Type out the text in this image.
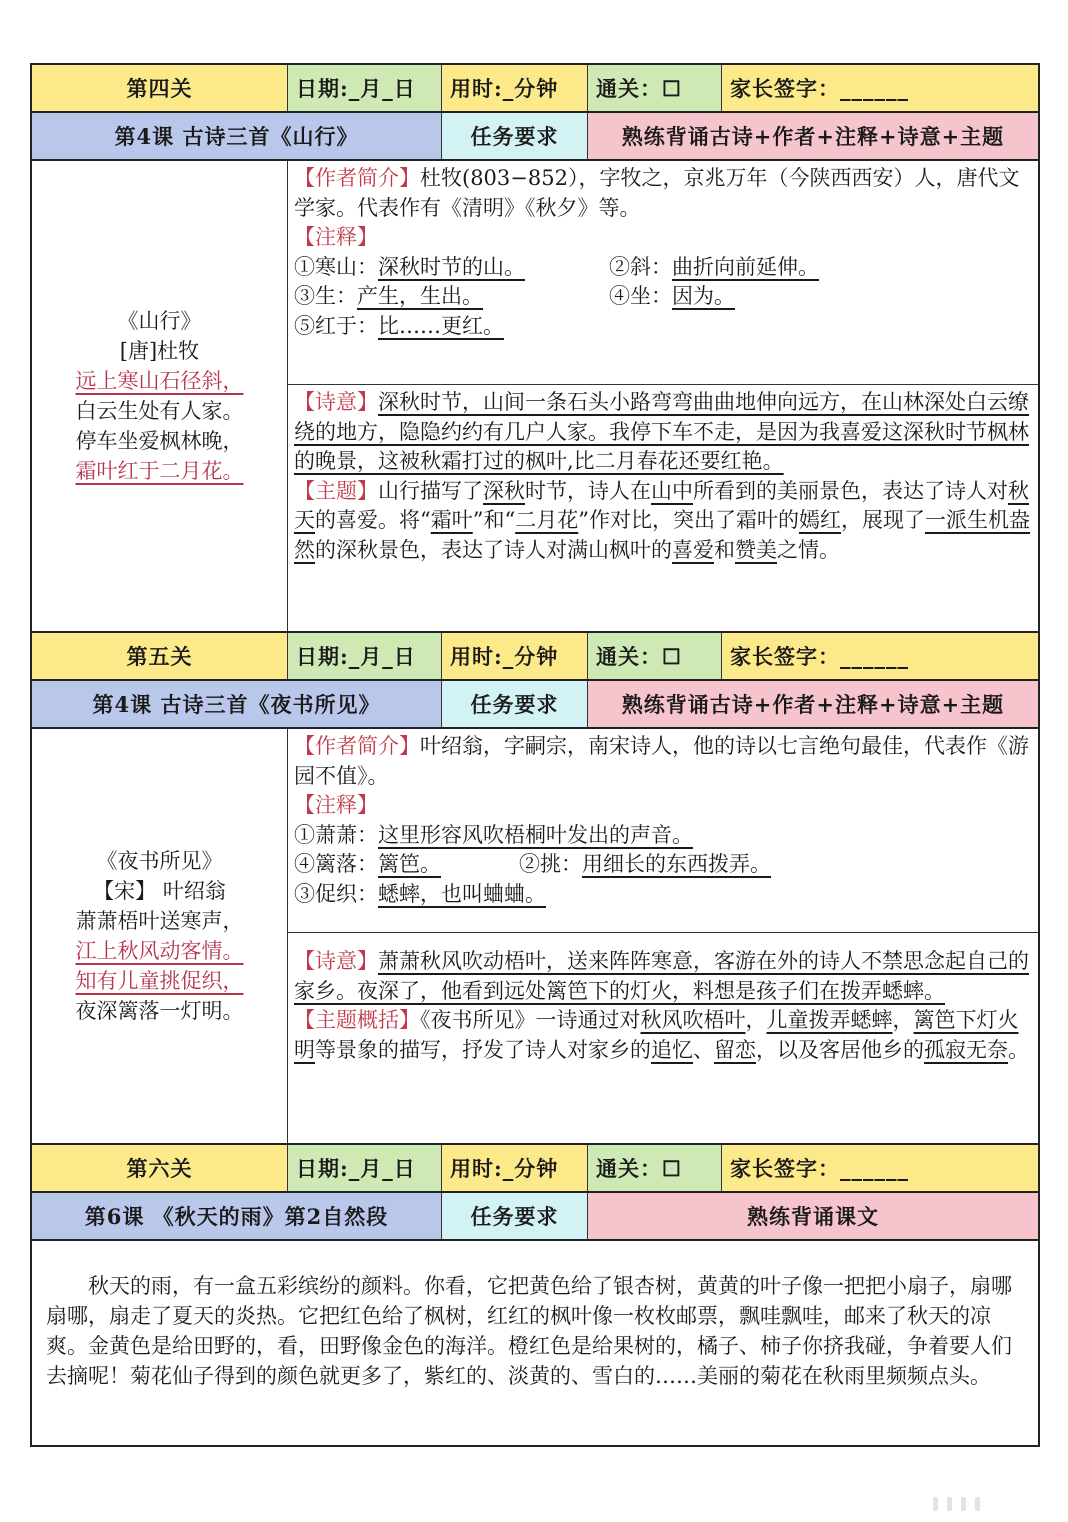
第四关	日期:_月_日	用时:_分钟	通关：☐	家长签字：______
第4课 古诗三首《山行》	任务要求	熟练背诵古诗+作者+注释+诗意+主题
《山行》
[唐]杜牧
远上寒山石径斜，
白云生处有人家。
停车坐爱枫林晚，
霜叶红于二月花。
【作者简介】杜牧(803−852），字牧之，京兆万年（今陕西西安）人，唐代文学家。代表作有《清明》《秋夕》等。
【注释】
①寒山：深秋时节的山。	②斜：曲折向前延伸。
③生：产生，生出。	④坐：因为。
⑤红于：比……更红。
【诗意】深秋时节，山间一条石头小路弯弯曲曲地伸向远方，在山林深处白云缭绕的地方，隐隐约约有几户人家。我停下车不走，是因为我喜爱这深秋时节枫林的晚景，这被秋霜打过的枫叶,比二月春花还要红艳。
【主题】山行描写了深秋时节，诗人在山中所看到的美丽景色，表达了诗人对秋天的喜爱。将“霜叶”和“二月花”作对比，突出了霜叶的嫣红，展现了一派生机盎然的深秋景色，表达了诗人对满山枫叶的喜爱和赞美之情。
第五关	日期:_月_日	用时:_分钟	通关：☐	家长签字：______
第4课 古诗三首《夜书所见》	任务要求	熟练背诵古诗+作者+注释+诗意+主题
《夜书所见》
【宋】 叶绍翁
萧萧梧叶送寒声，
江上秋风动客情。
知有儿童挑促织，
夜深篱落一灯明。
【作者简介】叶绍翁，字嗣宗，南宋诗人，他的诗以七言绝句最佳，代表作《游园不值》。
【注释】
①萧萧：这里形容风吹梧桐叶发出的声音。
④篱落：篱笆。	②挑：用细长的东西拨弄。
③促织：蟋蟀，也叫蛐蛐。
【诗意】萧萧秋风吹动梧叶，送来阵阵寒意，客游在外的诗人不禁思念起自己的家乡。夜深了，他看到远处篱笆下的灯火，料想是孩子们在拨弄蟋蟀。
【主题概括】《夜书所见》一诗通过对秋风吹梧叶，儿童拨弄蟋蟀，篱笆下灯火明等景象的描写，抒发了诗人对家乡的追忆、留恋，以及客居他乡的孤寂无奈。
第六关	日期:_月_日	用时:_分钟	通关：☐	家长签字：______
第6课 《秋天的雨》第2自然段	任务要求	熟练背诵课文
秋天的雨，有一盒五彩缤纷的颜料。你看，它把黄色给了银杏树，黄黄的叶子像一把把小扇子，扇哪扇哪，扇走了夏天的炎热。它把红色给了枫树，红红的枫叶像一枚枚邮票，飘哇飘哇，邮来了秋天的凉爽。金黄色是给田野的，看，田野像金色的海洋。橙红色是给果树的，橘子、柿子你挤我碰，争着要人们去摘呢！菊花仙子得到的颜色就更多了，紫红的、淡黄的、雪白的……美丽的菊花在秋雨里频频点头。
